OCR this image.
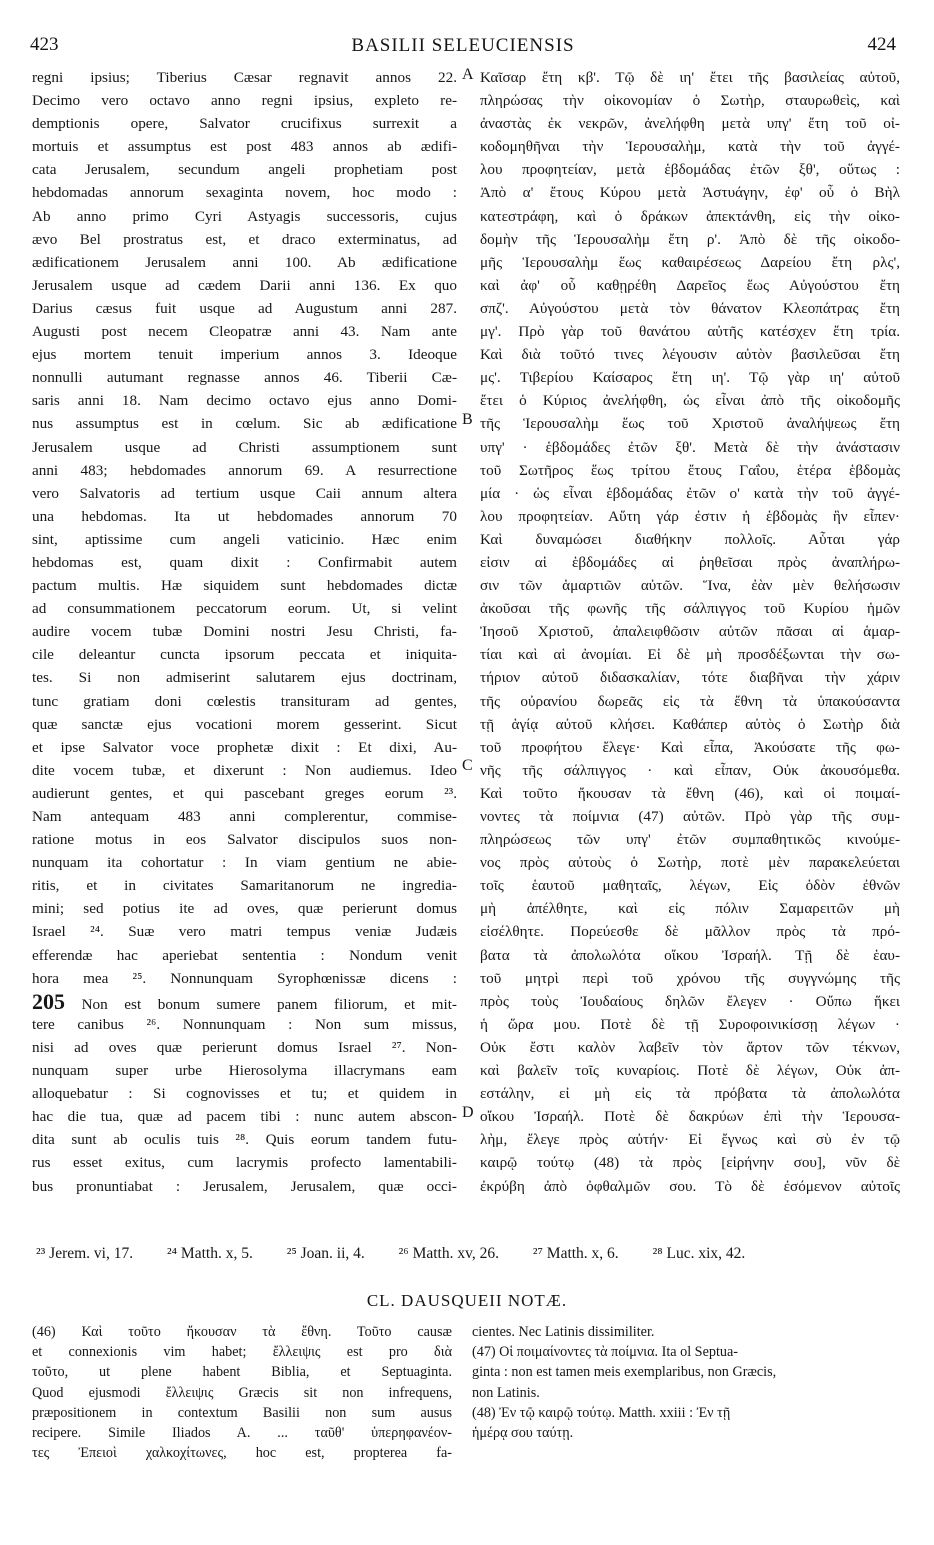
423	BASILII SELEUCIENSIS	424
regni ipsius; Tiberius Cæsar regnavit annos 22.
Decimo vero octavo anno regni ipsius, expleto re-
demptionis opere, Salvator crucifixus surrexit a
mortuis et assumptus est post 483 annos ab ædifi-
cata Jerusalem, secundum angeli prophetiam post
hebdomadas annorum sexaginta novem, hoc modo :
Ab anno primo Cyri Astyagis successoris, cujus
ævo Bel prostratus est, et draco exterminatus, ad
ædificationem Jerusalem anni 100. Ab ædificatione
Jerusalem usque ad cædem Darii anni 136. Ex quo
Darius cæsus fuit usque ad Augustum anni 287.
Augusti post necem Cleopatræ anni 43. Nam ante
ejus mortem tenuit imperium annos 3. Ideoque
nonnulli autumant regnasse annos 46. Tiberii Cæ-
saris anni 18. Nam decimo octavo ejus anno Domi-
nus assumptus est in cœlum. Sic ab ædificatione
Jerusalem usque ad Christi assumptionem sunt
anni 483; hebdomades annorum 69. A resurrectione
vero Salvatoris ad tertium usque Caii annum altera
una hebdomas. Ita ut hebdomades annorum 70
sint, aptissime cum angeli vaticinio. Hæc enim
hebdomas est, quam dixit : Confirmabit autem
pactum multis. Hæ siquidem sunt hebdomades dictæ
ad consummationem peccatorum eorum. Ut, si velint
audire vocem tubæ Domini nostri Jesu Christi, fa-
cile deleantur cuncta ipsorum peccata et iniquita-
tes. Si non admiserint salutarem ejus doctrinam,
tunc gratiam doni cœlestis transituram ad gentes,
quæ sanctæ ejus vocationi morem gesserint. Sicut
et ipse Salvator voce prophetæ dixit : Et dixi, Au-
dite vocem tubæ, et dixerunt : Non audiemus. Ideo
audierunt gentes, et qui pascebant greges eorum ²³.
Nam antequam 483 anni complerentur, commise-
ratione motus in eos Salvator discipulos suos non-
nunquam ita cohortatur : In viam gentium ne abie-
ritis, et in civitates Samaritanorum ne ingredia-
mini; sed potius ite ad oves, quæ perierunt domus
Israel ²⁴. Suæ vero matri tempus veniæ Judæis
efferendæ hac aperiebat sententia : Nondum venit
hora mea ²⁵. Nonnunquam Syrophœnissæ dicens :
205 Non est bonum sumere panem filiorum, et mit-
tere canibus ²⁶. Nonnunquam : Non sum missus,
nisi ad oves quæ perierunt domus Israel ²⁷. Non-
nunquam super urbe Hierosolyma illacrymans eam
alloquebatur : Si cognovisses et tu; et quidem in
hac die tua, quæ ad pacem tibi : nunc autem abscon-
dita sunt ab oculis tuis ²⁸. Quis eorum tandem futu-
rus esset exitus, cum lacrymis profecto lamentabili-
bus pronuntiabat : Jerusalem, Jerusalem, quæ occi-
Καῖσαρ ἔτη κβ'. Τῷ δὲ ιη' ἔτει τῆς βασιλείας αὐτοῦ,
πληρώσας τὴν οἰκονομίαν ὁ Σωτὴρ, σταυρωθεὶς, καὶ
ἀναστὰς ἐκ νεκρῶν, ἀνελήφθη μετὰ υπγ' ἔτη τοῦ οἰ-
κοδομηθῆναι τὴν Ἱερουσαλὴμ, κατὰ τὴν τοῦ ἀγγέ-
λου προφητείαν, μετὰ ἑβδομάδας ἐτῶν ξθ', οὕτως :
Ἀπὸ α' ἔτους Κύρου μετὰ Ἀστυάγην, ἐφ' οὗ ὁ Βὴλ
κατεστράφη, καὶ ὁ δράκων ἀπεκτάνθη, εἰς τὴν οἰκο-
δομὴν τῆς Ἱερουσαλὴμ ἔτη ρ'. Ἀπὸ δὲ τῆς οἰκοδο-
μῆς Ἱερουσαλὴμ ἕως καθαιρέσεως Δαρείου ἔτη ρλς',
καὶ ἀφ' οὗ καθῃρέθη Δαρεῖος ἕως Αὐγούστου ἔτη
σπζ'. Αὐγούστου μετὰ τὸν θάνατον Κλεοπάτρας ἔτη
μγ'. Πρὸ γὰρ τοῦ θανάτου αὐτῆς κατέσχεν ἔτη τρία.
Καὶ διὰ τοῦτό τινες λέγουσιν αὐτὸν βασιλεῦσαι ἔτη
μς'. Τιβερίου Καίσαρος ἔτη ιη'. Τῷ γὰρ ιη' αὐτοῦ
ἔτει ὁ Κύριος ἀνελήφθη, ὡς εἶναι ἀπὸ τῆς οἰκοδομῆς
τῆς Ἱερουσαλὴμ ἕως τοῦ Χριστοῦ ἀναλήψεως ἔτη
υπγ' · ἑβδομάδες ἐτῶν ξθ'. Μετὰ δὲ τὴν ἀνάστασιν
τοῦ Σωτῆρος ἕως τρίτου ἔτους Γαΐου, ἑτέρα ἑβδομὰς
μία · ὡς εἶναι ἑβδομάδας ἐτῶν ο' κατὰ τὴν τοῦ ἀγγέ-
λου προφητείαν. Αὕτη γάρ ἐστιν ἡ ἑβδομὰς ἣν εἶπεν·
Καὶ δυναμώσει διαθήκην πολλοῖς. Αὗται γάρ
εἰσιν αἱ ἑβδομάδες αἱ ῥηθεῖσαι πρὸς ἀναπλήρω-
σιν τῶν ἁμαρτιῶν αὐτῶν. Ἵνα, ἐὰν μὲν θελήσωσιν
ἀκοῦσαι τῆς φωνῆς τῆς σάλπιγγος τοῦ Κυρίου ἡμῶν
Ἰησοῦ Χριστοῦ, ἀπαλειφθῶσιν αὐτῶν πᾶσαι αἱ ἁμαρ-
τίαι καὶ αἱ ἀνομίαι. Εἰ δὲ μὴ προσδέξωνται τὴν σω-
τήριον αὐτοῦ διδασκαλίαν, τότε διαβῆναι τὴν χάριν
τῆς οὐρανίου δωρεᾶς εἰς τὰ ἔθνη τὰ ὑπακούσαντα
τῇ ἁγίᾳ αὐτοῦ κλήσει. Καθάπερ αὐτὸς ὁ Σωτὴρ διὰ
τοῦ προφήτου ἔλεγε· Καὶ εἶπα, Ἀκούσατε τῆς φω-
νῆς τῆς σάλπιγγος · καὶ εἶπαν, Οὐκ ἀκουσόμεθα.
Καὶ τοῦτο ἤκουσαν τὰ ἔθνη (46), καὶ οἱ ποιμαί-
νοντες τὰ ποίμνια (47) αὐτῶν. Πρὸ γὰρ τῆς συμ-
πληρώσεως τῶν υπγ' ἐτῶν συμπαθητικῶς κινούμε-
νος πρὸς αὐτοὺς ὁ Σωτὴρ, ποτὲ μὲν παρακελεύεται
τοῖς ἑαυτοῦ μαθηταῖς, λέγων, Εἰς ὁδὸν ἐθνῶν
μὴ ἀπέλθητε, καὶ εἰς πόλιν Σαμαρειτῶν μὴ
εἰσέλθητε. Πορεύεσθε δὲ μᾶλλον πρὸς τὰ πρό-
βατα τὰ ἀπολωλότα οἴκου Ἰσραήλ. Τῇ δὲ ἑαυ-
τοῦ μητρὶ περὶ τοῦ χρόνου τῆς συγγνώμης τῆς
πρὸς τοὺς Ἰουδαίους δηλῶν ἔλεγεν · Οὔπω ἥκει
ἡ ὥρα μου. Ποτὲ δὲ τῇ Συροφοινικίσσῃ λέγων ·
Οὐκ ἔστι καλὸν λαβεῖν τὸν ἄρτον τῶν τέκνων,
καὶ βαλεῖν τοῖς κυναρίοις. Ποτὲ δὲ λέγων, Οὐκ ἀπ-
εστάλην, εἰ μὴ εἰς τὰ πρόβατα τὰ ἀπολωλότα
οἴκου Ἰσραήλ. Ποτὲ δὲ δακρύων ἐπὶ τὴν Ἱερουσα-
λὴμ, ἔλεγε πρὸς αὐτήν· Εἰ ἔγνως καὶ σὺ ἐν τῷ
καιρῷ τούτῳ (48) τὰ πρὸς [εἰρήνην σου], νῦν δὲ
ἐκρύβη ἀπὸ ὀφθαλμῶν σου. Τὸ δὲ ἐσόμενον αὐτοῖς
A
B
C
D
²³ Jerem. vi, 17. ²⁴ Matth. x, 5. ²⁵ Joan. ii, 4. ²⁶ Matth. xv, 26. ²⁷ Matth. x, 6. ²⁸ Luc. xix, 42.
CL. DAUSQUEII NOTÆ.
(46) Καὶ τοῦτο ἤκουσαν τὰ ἔθνη. Τοῦτο causæ
et connexionis vim habet; ἔλλειψις est pro διὰ
τοῦτο, ut plene habent Biblia, et Septuaginta.
Quod ejusmodi ἔλλειψις Græcis sit non infrequens,
præpositionem in contextum Basilii non sum ausus
recipere. Simile Iliados A. ... ταῦθ' ὑπερηφανέον-
τες Ἐπειοὶ χαλκοχίτωνες, hoc est, propterea fa-
cientes. Nec Latinis dissimiliter.
(47) Οἱ ποιμαίνοντες τὰ ποίμνια. Ita ol Septua-
ginta : non est tamen meis exemplaribus, non Græcis,
non Latinis.
(48) Ἐν τῷ καιρῷ τούτῳ. Matth. xxiii : Ἐν τῇ
ἡμέρᾳ σου ταύτῃ.
